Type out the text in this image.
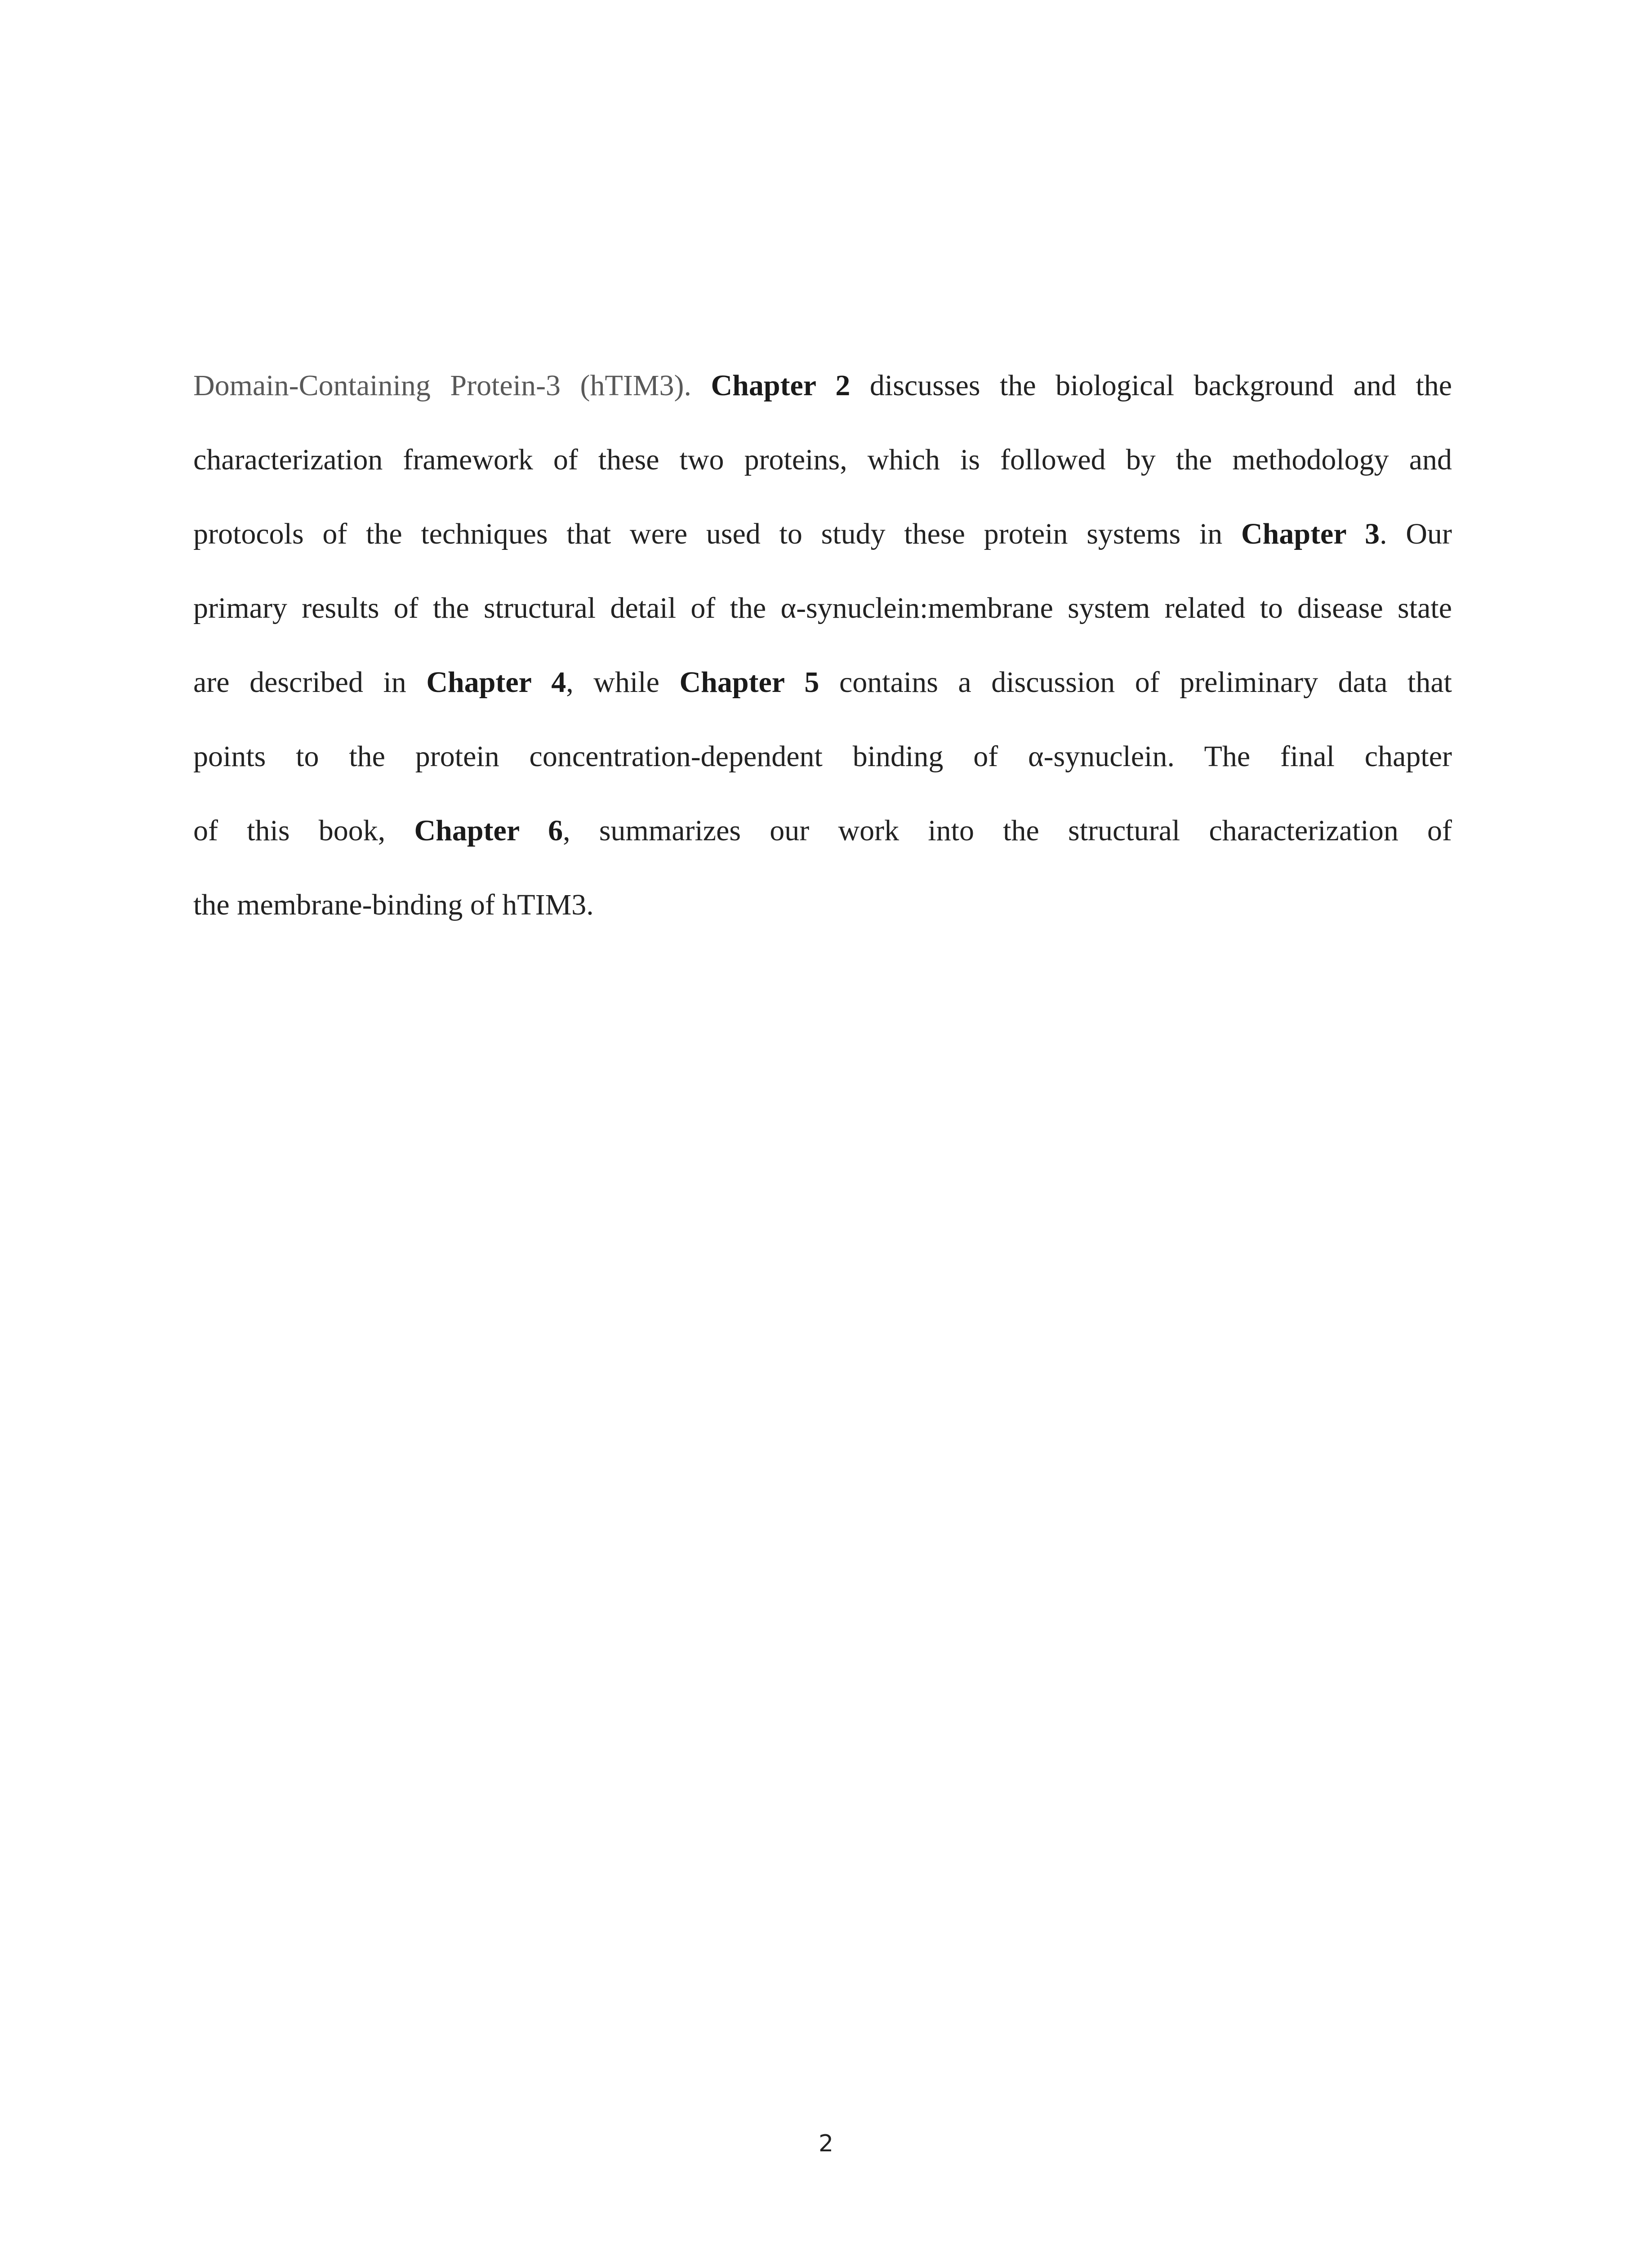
Domain-Containing Protein-3 (hTIM3). Chapter 2 discusses the biological background and the
characterization framework of these two proteins, which is followed by the methodology and
protocols of the techniques that were used to study these protein systems in Chapter 3. Our
primary results of the structural detail of the α-synuclein:membrane system related to disease state
are described in Chapter 4, while Chapter 5 contains a discussion of preliminary data that
points to the protein concentration-dependent binding of α-synuclein. The final chapter
of this book, Chapter 6, summarizes our work into the structural characterization of
the membrane-binding of hTIM3.
2
